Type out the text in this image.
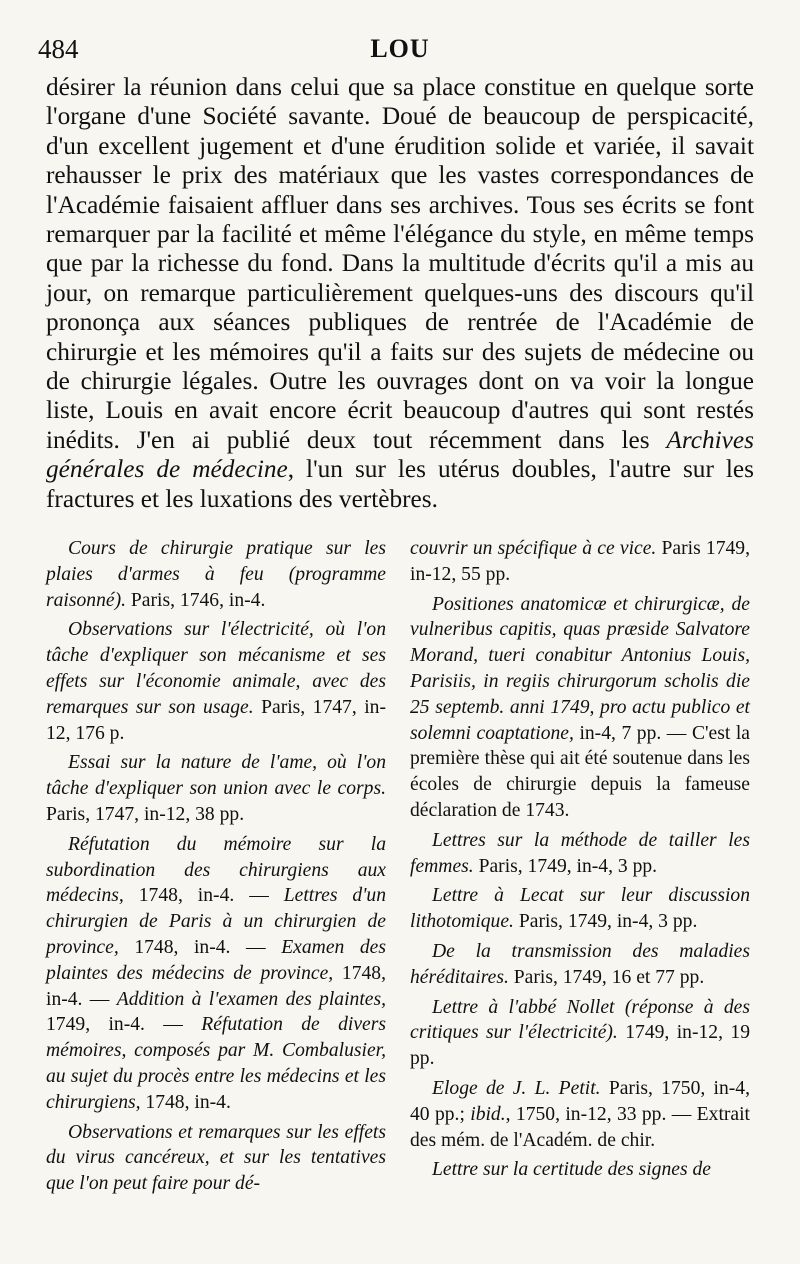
484	LOU

désirer la réunion dans celui que sa place constitue en quelque sorte l'organe d'une Société savante. Doué de beaucoup de perspicacité, d'un excellent jugement et d'une érudition solide et variée, il savait rehausser le prix des matériaux que les vastes correspondances de l'Académie faisaient affluer dans ses archives. Tous ses écrits se font remarquer par la facilité et même l'élégance du style, en même temps que par la richesse du fond. Dans la multitude d'écrits qu'il a mis au jour, on remarque particulièrement quelques-uns des discours qu'il prononça aux séances publiques de rentrée de l'Académie de chirurgie et les mémoires qu'il a faits sur des sujets de médecine ou de chirurgie légales. Outre les ouvrages dont on va voir la longue liste, Louis en avait encore écrit beaucoup d'autres qui sont restés inédits. J'en ai publié deux tout récemment dans les Archives générales de médecine, l'un sur les utérus doubles, l'autre sur les fractures et les luxations des vertèbres.

Cours de chirurgie pratique sur les plaies d'armes à feu (programme raisonné). Paris, 1746, in-4.

Observations sur l'électricité, où l'on tâche d'expliquer son mécanisme et ses effets sur l'économie animale, avec des remarques sur son usage. Paris, 1747, in-12, 176 p.

Essai sur la nature de l'ame, où l'on tâche d'expliquer son union avec le corps. Paris, 1747, in-12, 38 pp.

Réfutation du mémoire sur la subordination des chirurgiens aux médecins, 1748, in-4. — Lettres d'un chirurgien de Paris à un chirurgien de province, 1748, in-4. — Examen des plaintes des médecins de province, 1748, in-4. — Addition à l'examen des plaintes, 1749, in-4. — Réfutation de divers mémoires, composés par M. Combalusier, au sujet du procès entre les médecins et les chirurgiens, 1748, in-4.

Observations et remarques sur les effets du virus cancéreux, et sur les tentatives que l'on peut faire pour dé-

couvrir un spécifique à ce vice. Paris 1749, in-12, 55 pp.

Positiones anatomicæ et chirurgicæ, de vulneribus capitis, quas præside Salvatore Morand, tueri conabitur Antonius Louis, Parisiis, in regiis chirurgorum scholis die 25 septemb. anni 1749, pro actu publico et solemni coaptatione, in-4, 7 pp. — C'est la première thèse qui ait été soutenue dans les écoles de chirurgie depuis la fameuse déclaration de 1743.

Lettres sur la méthode de tailler les femmes. Paris, 1749, in-4, 3 pp.

Lettre à Lecat sur leur discussion lithotomique. Paris, 1749, in-4, 3 pp.

De la transmission des maladies héréditaires. Paris, 1749, 16 et 77 pp.

Lettre à l'abbé Nollet (réponse à des critiques sur l'électricité). 1749, in-12, 19 pp.

Eloge de J. L. Petit. Paris, 1750, in-4, 40 pp.; ibid., 1750, in-12, 33 pp. — Extrait des mém. de l'Académ. de chir.

Lettre sur la certitude des signes de
